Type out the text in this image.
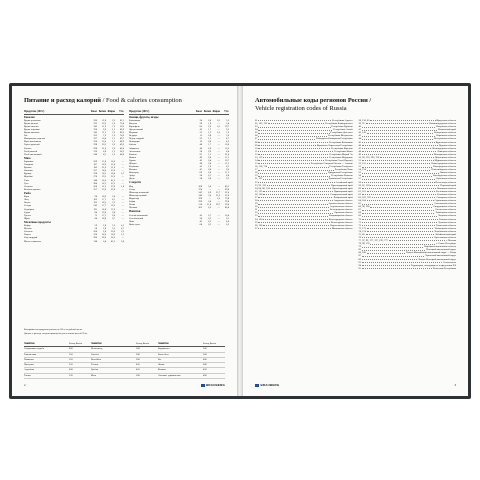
Питание и расход калорий / Food & calories consumption
Продукты (100 г)	Ккал Белки Жиры	Угл.
Бакалея
Крупа гречневая	330	12,6	3,3	62,1
Крупа манная	333	10,3	1,0	70,6
Крупа овсяная	342	11,9	7,2	59,5
Крупа перловая	320	9,3	1,1	66,9
Крупа пшенная	342	11,5	3,3	66,5
Рис	333	7,0	1,0	74,0
Макаронные изделия	337	10,4	1,1	69,7
Мука пшеничная	334	10,3	1,1	68,9
Горох лущеный	298	20,5	2,0	49,5
Фасоль	298	21,0	2,0	46,0
Хлеб ржаной	210	6,6	1,2	34,2
Хлеб пшеничный	246	8,1	1,0	48,8
Мясо
Баранина	209	15,6	16,3	—
Говядина	187	18,9	12,4	—
Кролик	183	21,0	11,0	—
Свинина	357	14,6	33,0	—
Курица	238	18,2	18,4	0,7
Индейка	276	19,5	22,0	—
Утка	346	16,5	61,2	—
Гусь	364	16,1	33,3	—
Сосиски	266	11,0	23,9	1,6
Колбаса вареная	257	13,0	22,8	—
Рыба
Карп	96	16,0	3,6	—
Лещ	105	17,1	4,1	—
Окунь	103	18,5	3,3	—
Сельдь	242	17,7	19,5	—
Скумбрия	191	18,0	13,2	—
Судак	84	19,0	0,8	—
Треска	75	17,5	0,6	—
Щука	84	18,8	0,7	—
Молочные продукты
Кефир	59	2,8	3,2	4,1
Молоко	58	2,8	3,2	4,7
Сметана	206	2,8	20,0	3,2
Творог	226	14,0	18,0	1,3
Сыр твердый	360	26,0	26,5	—
Масло сливочное	748	0,6	82,5	0,9
Продукты (100 г)	Ккал Белки Жиры	Угл.
Овощи, фрукты, ягоды
Баклажаны	24	0,6	0,1	5,5
Капуста	28	1,8	—	5,4
Картофель	83	2,0	0,1	19,7
Лук репчатый	43	1,7	—	9,5
Морковь	33	1,3	0,1	7,0
Огурцы	15	0,8	—	3,0
Перец сладкий	23	1,3	—	4,7
Помидоры	19	0,6	—	4,2
Свёкла	48	1,7	—	10,8
Абрикосы	46	0,9	—	10,5
Апельсины	38	0,9	—	8,4
Бананы	91	1,5	—	22,4
Вишня	49	0,8	—	11,3
Груши	42	0,4	—	10,7
Яблоки	46	0,4	—	11,3
Клубника	41	1,8	—	8,1
Малина	41	0,8	—	9,0
Виноград	69	0,4	—	17,5
Арбуз	38	0,7	—	8,8
Дыня	38	0,6	—	9,1
Сладости
Мед	308	0,8	—	80,3
Сахар	374	—	—	99,8
Шоколад молочный	547	6,9	35,7	52,4
Шоколад горький	540	5,4	35,3	52,6
Мармелад	296	—	0,1	79,8
Зефир	299	0,8	—	79,8
Халва	516	11,8	29,7	50,6
Пастила	305	0,5	—	80,4
Напитки
Сок апельсиновый	45	0,7	—	10,4
Сок яблочный	38	0,5	—	9,1
Пиво	42	0,3	—	4,6
Вино сухое	66	0,2	—	0,3
Калорийность продуктов указана на 100 г съедобной части.
Данные о расходе энергии приведены для человека массой 70 кг.
Занятия	Расход Ккал/ч	Занятия	Расход Ккал/ч	Занятия	Расход Ккал/ч
Спортивная ходьба	400	Велосипед	500	Бадминтон	300
Гимнастика	350	Футбол	580	Баскетбол	500
Плавание	550	Волейбол	300	Бег	600
Прогулка	250	Теннис	450	Лыжи	600
Аэробика	400	Гребля	450	Коньки	420
Танцы	330	Йога	180	Силовые упражнения	400
2	BRAUBERG
Автомобильные коды регионов России /
Vehicle registration codes of Russia
01	Республика Адыгея
02, 102, 702	Республика Башкортостан
03	Республика Бурятия
04	Республика Алтай
05	Республика Дагестан
06	Республика Ингушетия
07	Кабардино-Балкарская Республика
08	Республика Калмыкия
09	Карачаево-Черкесская Республика
10	Республика Карелия
11	Республика Коми
12	Республика Марий Эл
13, 113	Республика Мордовия
14	Республика Саха (Якутия)
15	Республика Северная Осетия — Алания
16, 116, 716	Республика Татарстан
17	Республика Тыва
18	Удмуртская Республика
19	Республика Хакасия
21, 121	Чувашская Республика
22	Алтайский край
23, 93, 123	Краснодарский край
24, 84, 88, 124	Красноярский край
25, 125	Приморский край
26, 126	Ставропольский край
27	Хабаровский край
28	Амурская область
29	Архангельская область
30	Астраханская область
31	Белгородская область
32	Брянская область
33	Владимирская область
34, 134	Волгоградская область
35	Вологодская область
36, 136	Воронежская область
37	Ивановская область
38, 138, 85	Иркутская область
39, 91	Калининградская область
40	Калужская область
41	Камчатский край
42, 142	Кемеровская область
43	Кировская область
44	Костромская область
45	Курганская область
46	Курская область
47	Ленинградская область
48	Липецкая область
49	Магаданская область
50, 90, 150, 190, 750	Московская область
51	Мурманская область
52, 152	Нижегородская область
53	Новгородская область
54, 154	Новосибирская область
55	Омская область
56	Оренбургская область
57	Орловская область
58	Пензенская область
59, 81, 159	Пермский край
60	Псковская область
61, 161	Ростовская область
62	Рязанская область
63, 163, 763	Самарская область
64, 164	Саратовская область
65	Сахалинская область
66, 96, 196	Свердловская область
67	Смоленская область
68	Тамбовская область
69	Тверская область
70	Томская область
71	Тульская область
72	Тюменская область
73, 173	Ульяновская область
74, 174	Челябинская область
75, 80	Забайкальский край
76	Ярославская область
77, 97, 99, 177, 197, 199, 777	г. Москва
78, 98, 178	г. Санкт-Петербург
79	Еврейская автономная область
83	Ненецкий автономный округ
86, 186	Ханты-Мансийский автономный округ — Югра
87	Чукотский автономный округ
89	Ямало-Ненецкий автономный округ
92	г. Севастополь
94	Территории, находящиеся за пределами РФ
95	Чеченская Республика
BRAUBERG	3
